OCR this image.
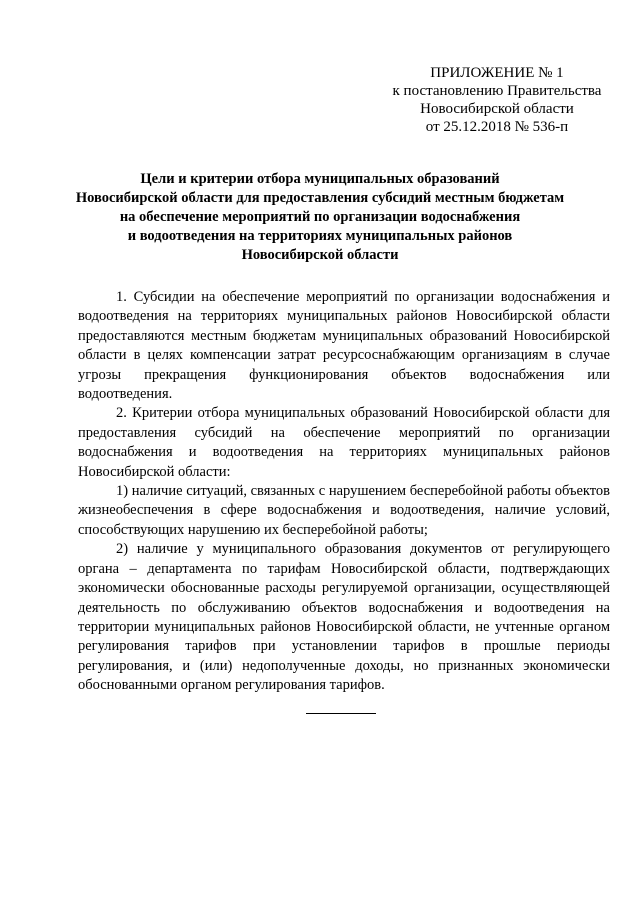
ПРИЛОЖЕНИЕ № 1
к постановлению Правительства
Новосибирской области
от 25.12.2018 № 536-п
Цели и критерии отбора муниципальных образований
Новосибирской области для предоставления субсидий местным бюджетам
на обеспечение мероприятий по организации водоснабжения
и водоотведения на территориях муниципальных районов
Новосибирской области

1. Субсидии на обеспечение мероприятий по организации водоснабжения и водоотведения на территориях муниципальных районов Новосибирской области предоставляются местным бюджетам муниципальных образований Новосибирской области в целях компенсации затрат ресурсоснабжающим организациям в случае угрозы прекращения функционирования объектов водоснабжения или водоотведения.

2. Критерии отбора муниципальных образований Новосибирской области для предоставления субсидий на обеспечение мероприятий по организации водоснабжения и водоотведения на территориях муниципальных районов Новосибирской области:

1) наличие ситуаций, связанных с нарушением бесперебойной работы объектов жизнеобеспечения в сфере водоснабжения и водоотведения, наличие условий, способствующих нарушению их бесперебойной работы;

2) наличие у муниципального образования документов от регулирующего органа – департамента по тарифам Новосибирской области, подтверждающих экономически обоснованные расходы регулируемой организации, осуществляющей деятельность по обслуживанию объектов водоснабжения и водоотведения на территории муниципальных районов Новосибирской области, не учтенные органом регулирования тарифов при установлении тарифов в прошлые периоды регулирования, и (или) недополученные доходы, но признанных экономически обоснованными органом регулирования тарифов.
